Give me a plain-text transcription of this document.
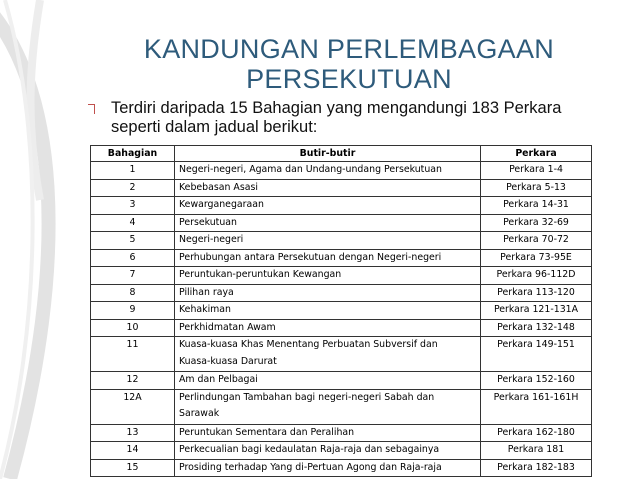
KANDUNGAN PERLEMBAGAAN
PERSEKUTUAN
Terdiri daripada 15 Bahagian yang mengandungi 183 Perkara
seperti dalam jadual berikut:
Bahagian	Butir-butir	Perkara
1	Negeri-negeri, Agama dan Undang-undang Persekutuan	Perkara 1-4
2	Kebebasan Asasi	Perkara 5-13
3	Kewarganegaraan	Perkara 14-31
4	Persekutuan	Perkara 32-69
5	Negeri-negeri	Perkara 70-72
6	Perhubungan antara Persekutuan dengan Negeri-negeri	Perkara 73-95E
7	Peruntukan-peruntukan Kewangan	Perkara 96-112D
8	Pilihan raya	Perkara 113-120
9	Kehakiman	Perkara 121-131A
10	Perkhidmatan Awam	Perkara 132-148
11	Kuasa-kuasa Khas Menentang Perbuatan Subversif dan
Kuasa-kuasa Darurat	Perkara 149-151
12	Am dan Pelbagai	Perkara 152-160
12A	Perlindungan Tambahan bagi negeri-negeri Sabah dan
Sarawak	Perkara 161-161H
13	Peruntukan Sementara dan Peralihan	Perkara 162-180
14	Perkecualian bagi kedaulatan Raja-raja dan sebagainya	Perkara 181
15	Prosiding terhadap Yang di-Pertuan Agong dan Raja-raja	Perkara 182-183
